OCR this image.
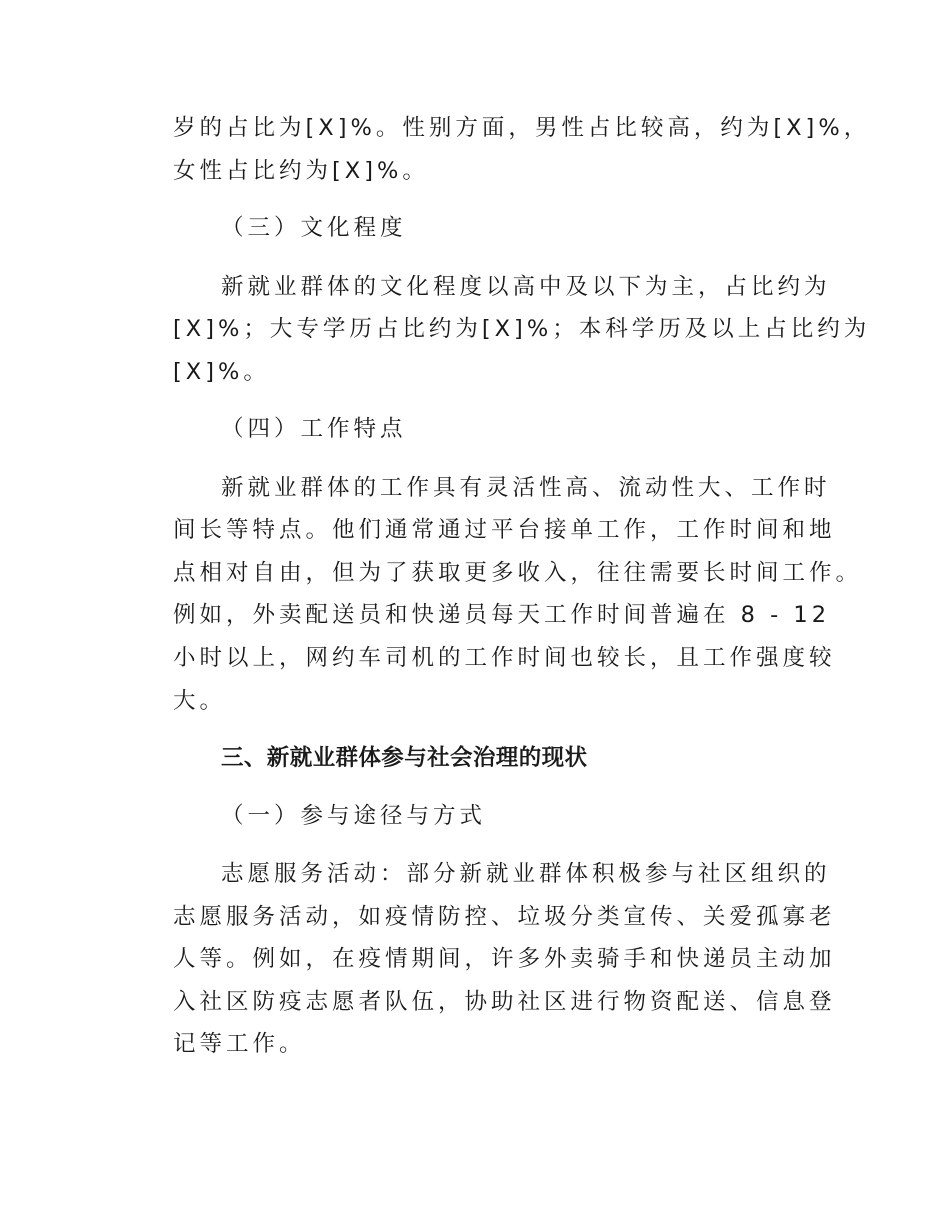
岁的占比为[X]%。性别方面，男性占比较高，约为[X]%，

女性占比约为[X]%。

（三）文化程度

新就业群体的文化程度以高中及以下为主，占比约为

[X]%；大专学历占比约为[X]%；本科学历及以上占比约为

[X]%。

（四）工作特点

新就业群体的工作具有灵活性高、流动性大、工作时

间长等特点。他们通常通过平台接单工作，工作时间和地

点相对自由，但为了获取更多收入，往往需要长时间工作。

例如，外卖配送员和快递员每天工作时间普遍在 8 - 12

小时以上，网约车司机的工作时间也较长，且工作强度较

大。

三、新就业群体参与社会治理的现状

（一）参与途径与方式

志愿服务活动：部分新就业群体积极参与社区组织的

志愿服务活动，如疫情防控、垃圾分类宣传、关爱孤寡老

人等。例如，在疫情期间，许多外卖骑手和快递员主动加

入社区防疫志愿者队伍，协助社区进行物资配送、信息登

记等工作。
